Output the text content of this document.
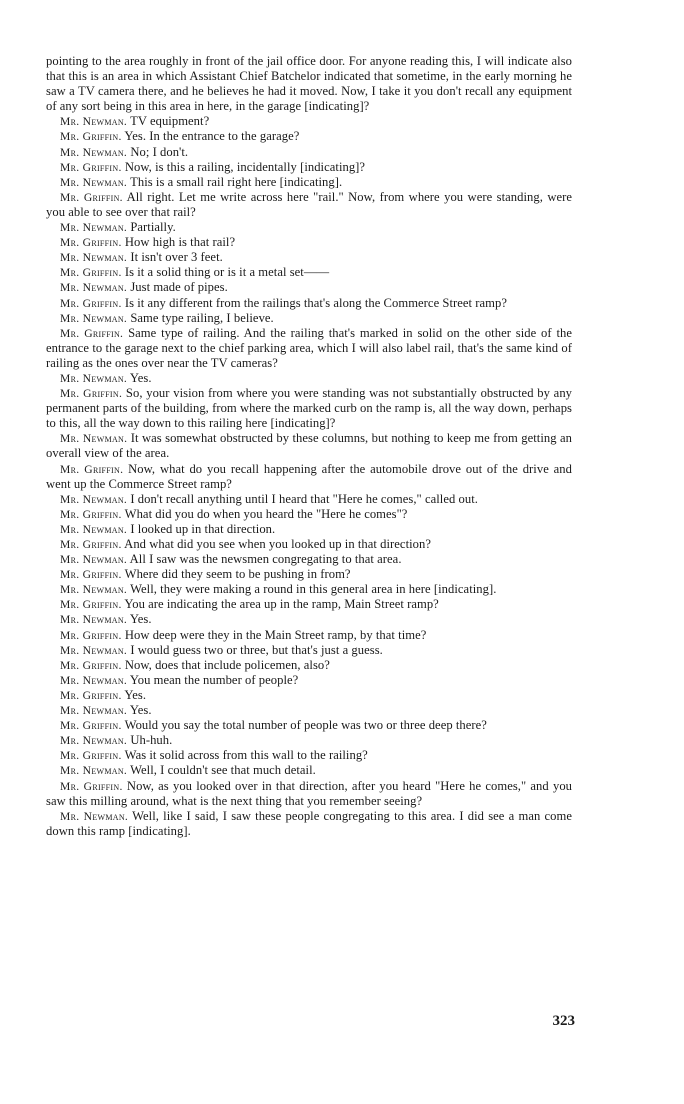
pointing to the area roughly in front of the jail office door. For anyone reading this, I will indicate also that this is an area in which Assistant Chief Batchelor indicated that sometime, in the early morning he saw a TV camera there, and he believes he had it moved. Now, I take it you don't recall any equipment of any sort being in this area in here, in the garage [indicating]?

Mr. Newman. TV equipment?

Mr. Griffin. Yes. In the entrance to the garage?

Mr. Newman. No; I don't.

Mr. Griffin. Now, is this a railing, incidentally [indicating]?

Mr. Newman. This is a small rail right here [indicating].

Mr. Griffin. All right. Let me write across here "rail." Now, from where you were standing, were you able to see over that rail?

Mr. Newman. Partially.

Mr. Griffin. How high is that rail?

Mr. Newman. It isn't over 3 feet.

Mr. Griffin. Is it a solid thing or is it a metal set——

Mr. Newman. Just made of pipes.

Mr. Griffin. Is it any different from the railings that's along the Commerce Street ramp?

Mr. Newman. Same type railing, I believe.

Mr. Griffin. Same type of railing. And the railing that's marked in solid on the other side of the entrance to the garage next to the chief parking area, which I will also label rail, that's the same kind of railing as the ones over near the TV cameras?

Mr. Newman. Yes.

Mr. Griffin. So, your vision from where you were standing was not substantially obstructed by any permanent parts of the building, from where the marked curb on the ramp is, all the way down, perhaps to this, all the way down to this railing here [indicating]?

Mr. Newman. It was somewhat obstructed by these columns, but nothing to keep me from getting an overall view of the area.

Mr. Griffin. Now, what do you recall happening after the automobile drove out of the drive and went up the Commerce Street ramp?

Mr. Newman. I don't recall anything until I heard that "Here he comes," called out.

Mr. Griffin. What did you do when you heard the "Here he comes"?

Mr. Newman. I looked up in that direction.

Mr. Griffin. And what did you see when you looked up in that direction?

Mr. Newman. All I saw was the newsmen congregating to that area.

Mr. Griffin. Where did they seem to be pushing in from?

Mr. Newman. Well, they were making a round in this general area in here [indicating].

Mr. Griffin. You are indicating the area up in the ramp, Main Street ramp?

Mr. Newman. Yes.

Mr. Griffin. How deep were they in the Main Street ramp, by that time?

Mr. Newman. I would guess two or three, but that's just a guess.

Mr. Griffin. Now, does that include policemen, also?

Mr. Newman. You mean the number of people?

Mr. Griffin. Yes.

Mr. Newman. Yes.

Mr. Griffin. Would you say the total number of people was two or three deep there?

Mr. Newman. Uh-huh.

Mr. Griffin. Was it solid across from this wall to the railing?

Mr. Newman. Well, I couldn't see that much detail.

Mr. Griffin. Now, as you looked over in that direction, after you heard "Here he comes," and you saw this milling around, what is the next thing that you remember seeing?

Mr. Newman. Well, like I said, I saw these people congregating to this area. I did see a man come down this ramp [indicating].

323
